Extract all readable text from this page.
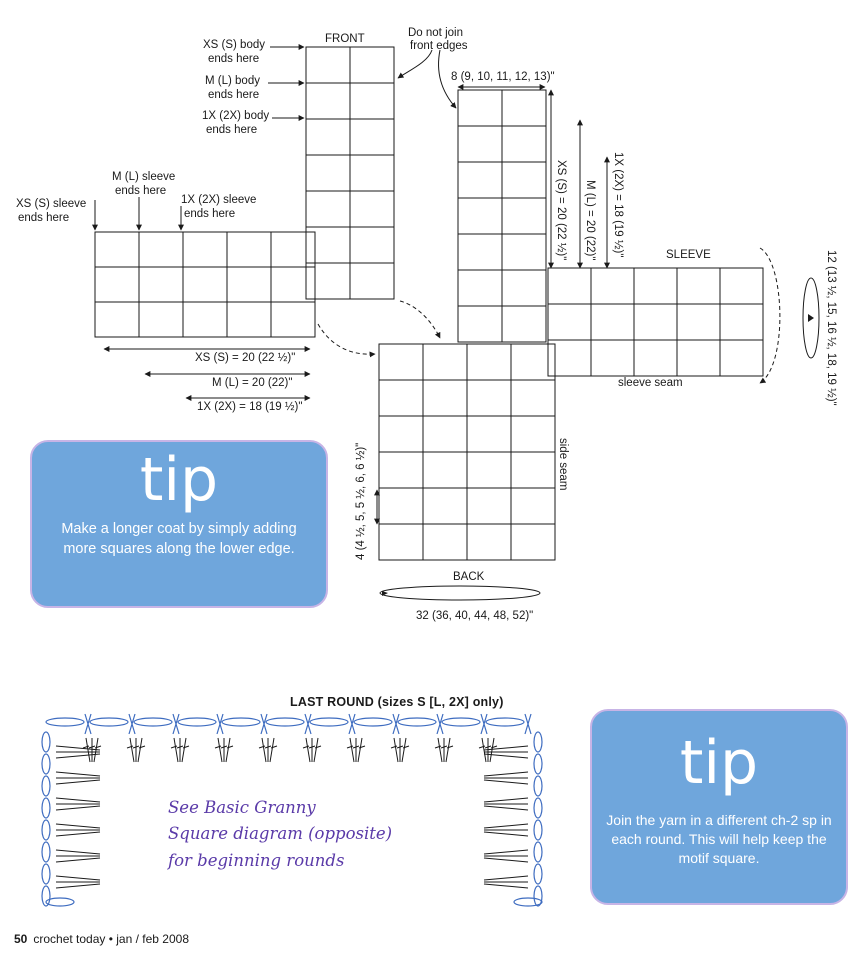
FRONT
BACK
SLEEVE
sleeve seam
side seam
Do not join front edges
XS (S) body ends here
M (L) body ends here
1X (2X) body ends here
M (L) sleeve ends here
XS (S) sleeve ends here
1X (2X) sleeve ends here
XS (S) = 20 (22 ½)"
M (L) = 20 (22)"
1X (2X) = 18 (19 ½)"
8 (9, 10, 11, 12, 13)"
XS (S) = 20 (22 ½)" M (L) = 20 (22)" 1X (2X) = 18 (19 ½)"
12 (13 ½, 15, 16 ½, 18, 19 ½)"
4 (4 ½, 5, 5 ½, 6, 6 ½)"
32 (36, 40, 44, 48, 52)"
tip
Make a longer coat by simply adding more squares along the lower edge.
LAST ROUND (sizes S [L, 2X] only)
See Basic Granny
Square diagram (opposite)
for beginning rounds
tip
Join the yarn in a different ch-2 sp in each round. This will help keep the motif square.
50 crochet today • jan / feb 2008
